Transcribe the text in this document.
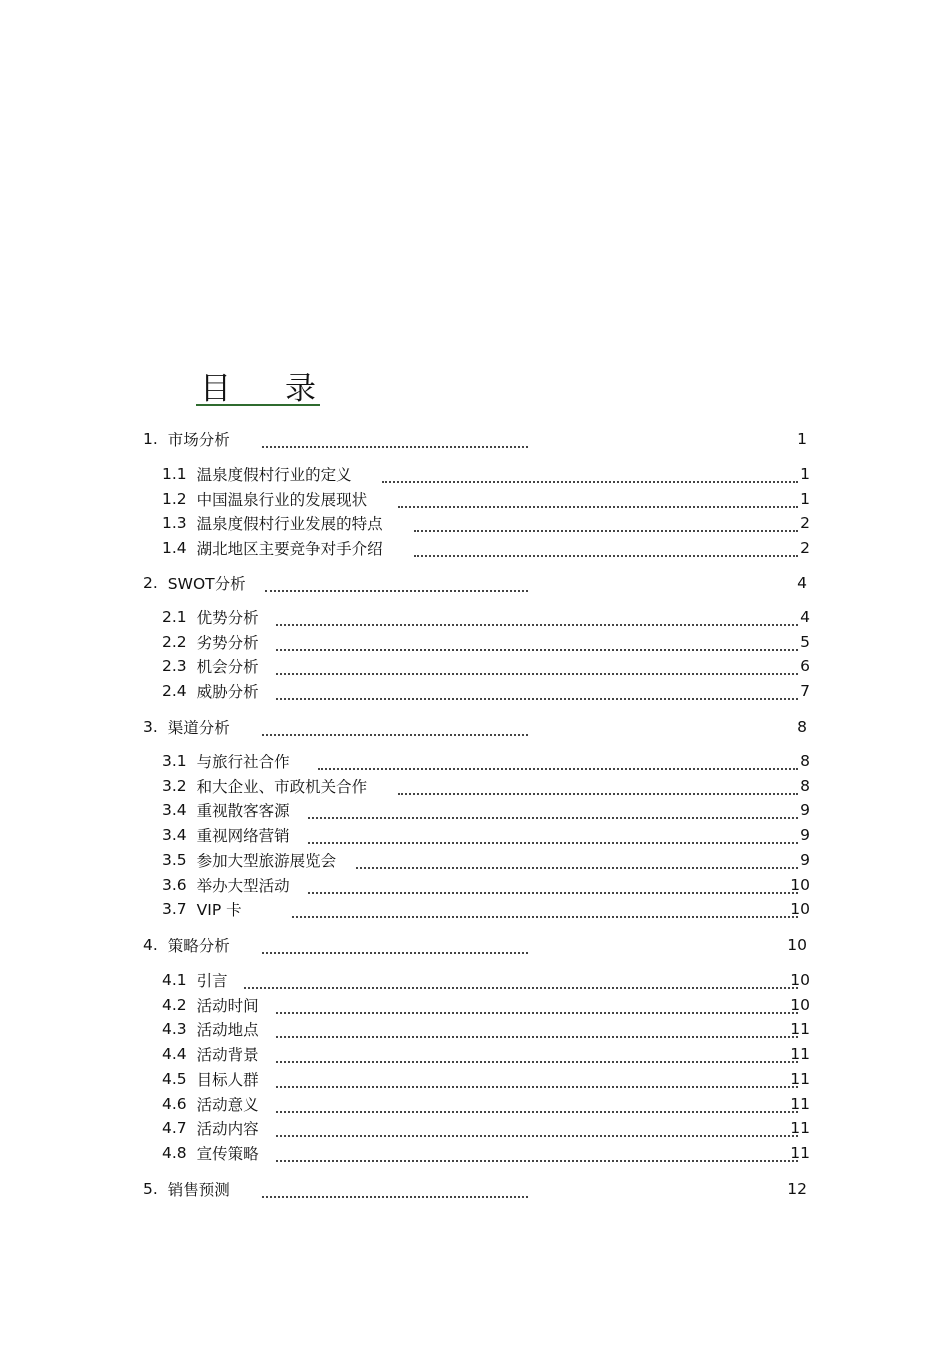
目 录
1. 市场分析	1
1.1 温泉度假村行业的定义	1
1.2 中国温泉行业的发展现状	1
1.3 温泉度假村行业发展的特点	2
1.4 湖北地区主要竞争对手介绍	2
2. SWOT分析	4
2.1 优势分析	4
2.2 劣势分析	5
2.3 机会分析	6
2.4 威胁分析	7
3. 渠道分析	8
3.1 与旅行社合作	8
3.2 和大企业、市政机关合作	8
3.4 重视散客客源	9
3.4 重视网络营销	9
3.5 参加大型旅游展览会	9
3.6 举办大型活动	10
3.7 VIP 卡	10
4. 策略分析	10
4.1 引言	10
4.2 活动时间	10
4.3 活动地点	11
4.4 活动背景	11
4.5 目标人群	11
4.6 活动意义	11
4.7 活动内容	11
4.8 宣传策略	11
5. 销售预测	12
